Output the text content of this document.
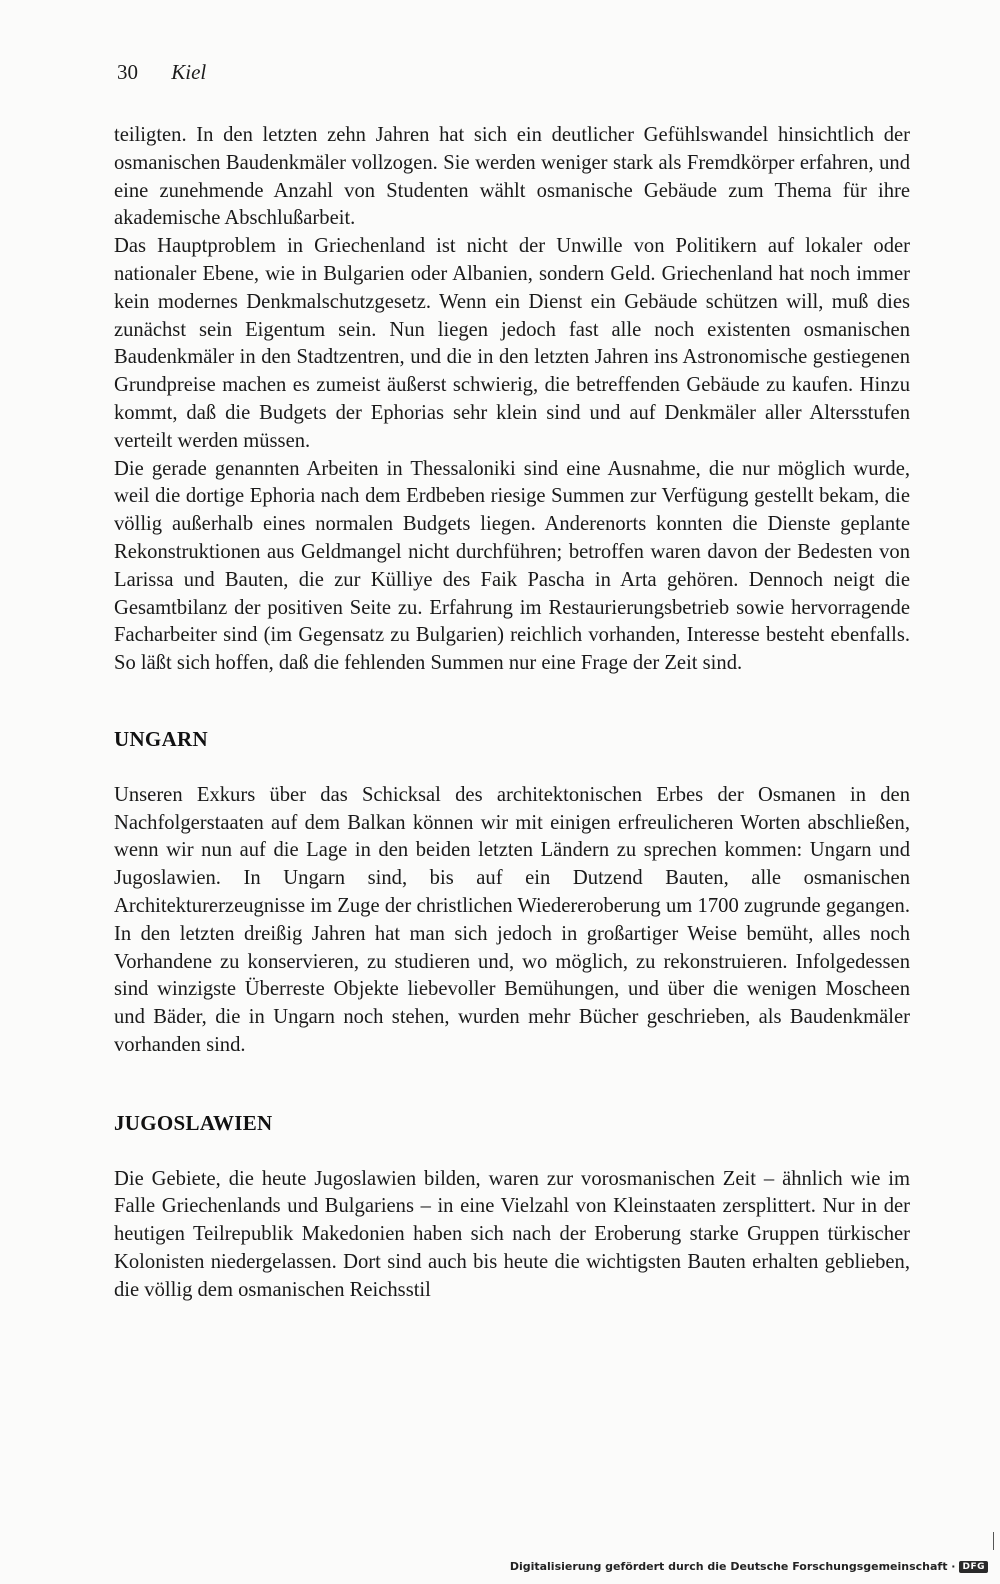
30 Kiel

teiligten. In den letzten zehn Jahren hat sich ein deutlicher Gefühlswandel hinsichtlich der osmanischen Baudenkmäler vollzogen. Sie werden weniger stark als Fremdkörper erfahren, und eine zunehmende Anzahl von Studenten wählt osmanische Gebäude zum Thema für ihre akademische Abschlußarbeit.

Das Hauptproblem in Griechenland ist nicht der Unwille von Politikern auf lokaler oder nationaler Ebene, wie in Bulgarien oder Albanien, sondern Geld. Griechenland hat noch immer kein modernes Denkmalschutzgesetz. Wenn ein Dienst ein Gebäude schützen will, muß dies zunächst sein Eigentum sein. Nun liegen jedoch fast alle noch existenten osmanischen Baudenkmäler in den Stadtzentren, und die in den letzten Jahren ins Astronomische gestiegenen Grundpreise machen es zumeist äußerst schwierig, die betreffenden Gebäude zu kaufen. Hinzu kommt, daß die Budgets der Ephorias sehr klein sind und auf Denkmäler aller Altersstufen verteilt werden müssen.

Die gerade genannten Arbeiten in Thessaloniki sind eine Ausnahme, die nur möglich wurde, weil die dortige Ephoria nach dem Erdbeben riesige Summen zur Verfügung gestellt bekam, die völlig außerhalb eines normalen Budgets liegen. Anderenorts konnten die Dienste geplante Rekonstruktionen aus Geldmangel nicht durchführen; betroffen waren davon der Bedesten von Larissa und Bauten, die zur Külliye des Faik Pascha in Arta gehören. Dennoch neigt die Gesamtbilanz der positiven Seite zu. Erfahrung im Restaurierungsbetrieb sowie hervorragende Facharbeiter sind (im Gegensatz zu Bulgarien) reichlich vorhanden, Interesse besteht ebenfalls. So läßt sich hoffen, daß die fehlenden Summen nur eine Frage der Zeit sind.

UNGARN

Unseren Exkurs über das Schicksal des architektonischen Erbes der Osmanen in den Nachfolgerstaaten auf dem Balkan können wir mit einigen erfreulicheren Worten abschließen, wenn wir nun auf die Lage in den beiden letzten Ländern zu sprechen kommen: Ungarn und Jugoslawien. In Ungarn sind, bis auf ein Dutzend Bauten, alle osmanischen Architekturerzeugnisse im Zuge der christlichen Wiedereroberung um 1700 zugrunde gegangen. In den letzten dreißig Jahren hat man sich jedoch in großartiger Weise bemüht, alles noch Vorhandene zu konservieren, zu studieren und, wo möglich, zu rekonstruieren. Infolgedessen sind winzigste Überreste Objekte liebevoller Bemühungen, und über die wenigen Moscheen und Bäder, die in Ungarn noch stehen, wurden mehr Bücher geschrieben, als Baudenkmäler vorhanden sind.

JUGOSLAWIEN

Die Gebiete, die heute Jugoslawien bilden, waren zur vorosmanischen Zeit – ähnlich wie im Falle Griechenlands und Bulgariens – in eine Vielzahl von Kleinstaaten zersplittert. Nur in der heutigen Teilrepublik Makedonien haben sich nach der Eroberung starke Gruppen türkischer Kolonisten niedergelassen. Dort sind auch bis heute die wichtigsten Bauten erhalten geblieben, die völlig dem osmanischen Reichsstil

Digitalisierung gefördert durch die Deutsche Forschungsgemeinschaft · DFG
